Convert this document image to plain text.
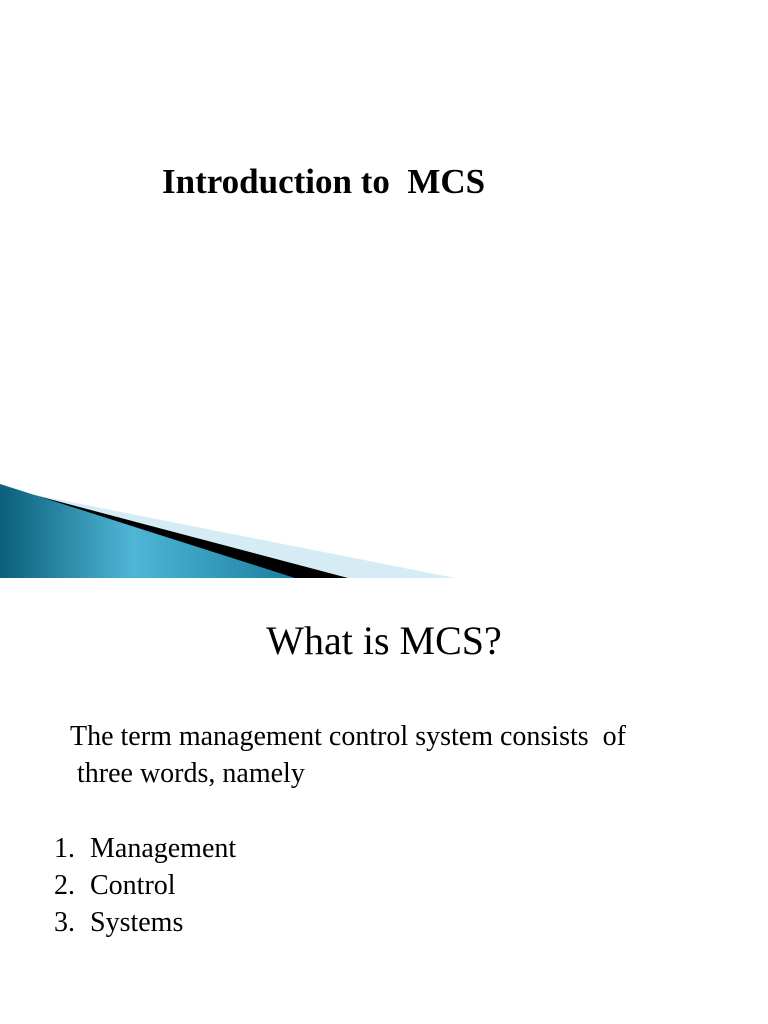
Introduction to  MCS
What is MCS?

The term management control system consists  of
three words, namely

1. Management
2. Control
3. Systems
